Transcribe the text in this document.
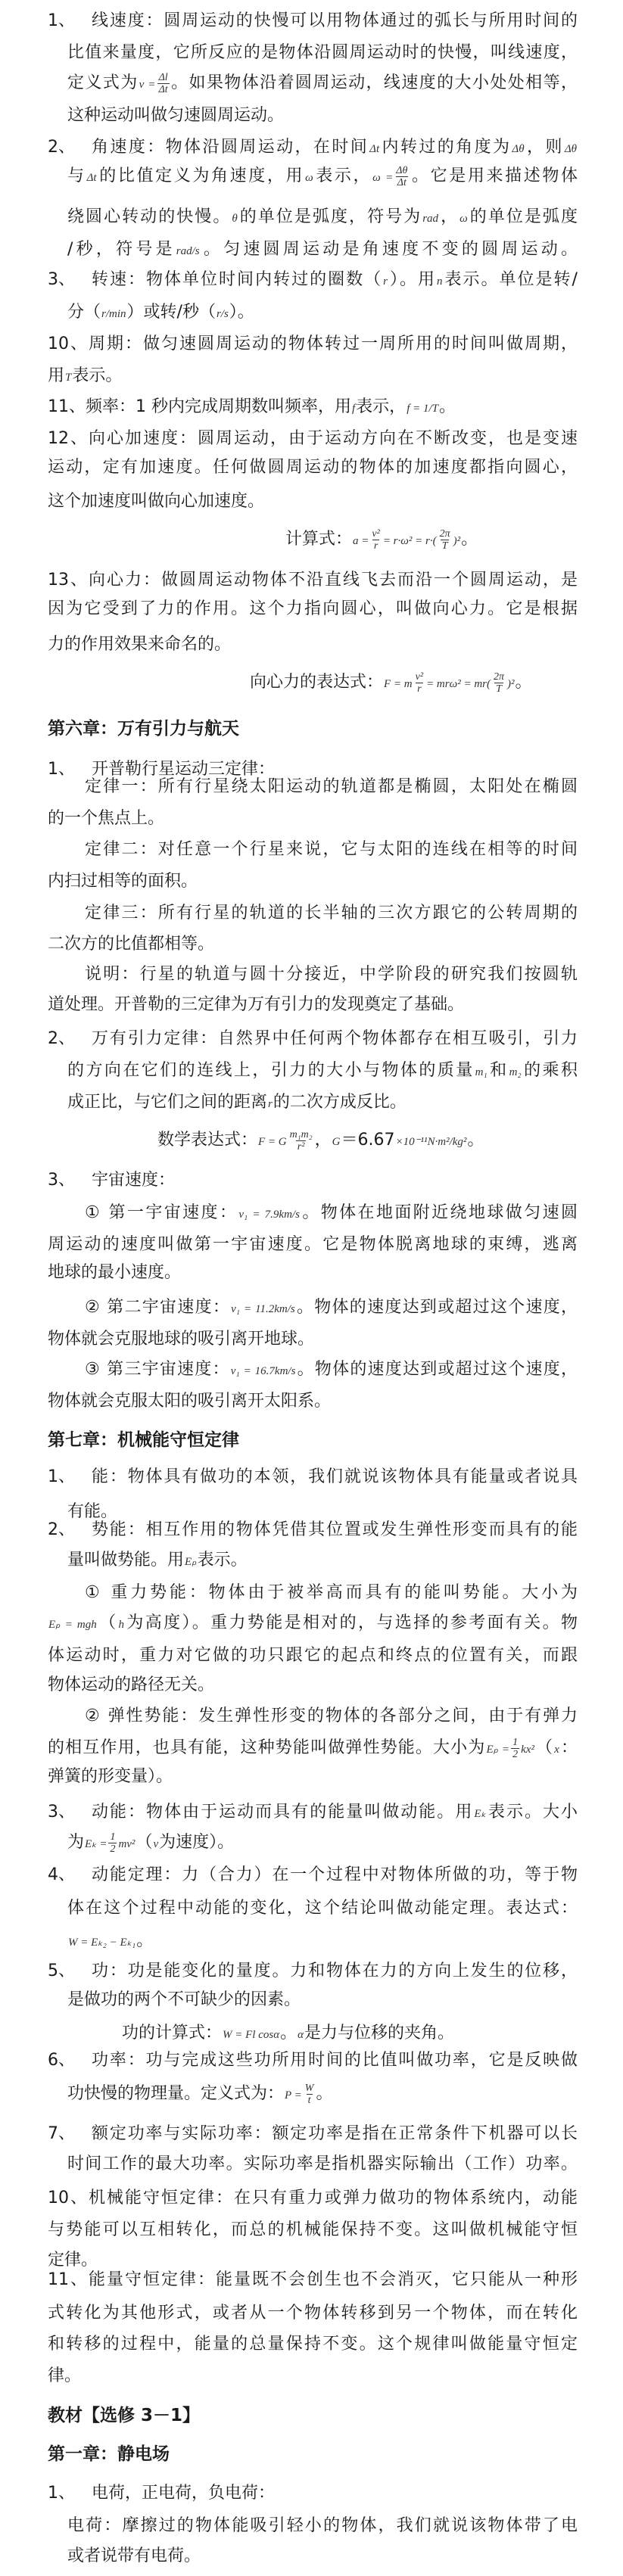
1、 线速度：圆周运动的快慢可以用物体通过的弧长与所用时间的
比值来量度，它所反应的是物体沿圆周运动时的快慢，叫线速度，
定义式为$v = \frac{\Delta l}{\Delta t}$ 。如果物体沿着圆周运动，线速度的大小处处相等，
这种运动叫做匀速圆周运动。
2、 角速度：物体沿圆周运动，在时间Δt内转过的角度为Δθ，则Δθ
与Δt的比值定义为角速度，用ω表示，$\omega = \frac{\Delta\theta}{\Delta t}$ 。它是用来描述物体
绕圆心转动的快慢。θ的单位是弧度，符号为rad，ω的单位是弧度
/秒，符号是rad/s。匀速圆周运动是角速度不变的圆周运动。
3、 转速：物体单位时间内转过的圈数（r）。用n表示。单位是转/
分（r/min）或转/秒（r/s）。
10、周期：做匀速圆周运动的物体转过一周所用的时间叫做周期，
用T表示。
11、频率：1 秒内完成周期数叫频率，用f表示，f = 1/T。
12、向心加速度：圆周运动，由于运动方向在不断改变，也是变速
运动，定有加速度。任何做圆周运动的物体的加速度都指向圆心，
这个加速度叫做向心加速度。
计算式：$a = \frac{\text{v²}}{r} = r\cdot\omega^2 = r\cdot( \frac{2\pi}{T} )^2$。
13、向心力：做圆周运动物体不沿直线飞去而沿一个圆周运动，是
因为它受到了力的作用。这个力指向圆心，叫做向心力。它是根据
力的作用效果来命名的。
向心力的表达式：F = m $\frac{\text{v²}}{r} = mr\omega^2 = mr( \frac{2\pi}{T} )^2$。
第六章：万有引力与航天
1、 开普勒行星运动三定律：
定律一：所有行星绕太阳运动的轨道都是椭圆，太阳处在椭圆
的一个焦点上。
定律二：对任意一个行星来说，它与太阳的连线在相等的时间
内扫过相等的面积。
定律三：所有行星的轨道的长半轴的三次方跟它的公转周期的
二次方的比值都相等。
说明：行星的轨道与圆十分接近，中学阶段的研究我们按圆轨
道处理。开普勒的三定律为万有引力的发现奠定了基础。
2、 万有引力定律：自然界中任何两个物体都存在相互吸引，引力
的方向在它们的连线上，引力的大小与物体的质量m₁和m₂的乘积
成正比，与它们之间的距离r的二次方成反比。
数学表达式：F = G $\frac{\text{m₁m₂}}{\text{r²}}$ ，G＝6.67×10⁻¹¹N·m²/kg²。
3、 宇宙速度：
① 第一宇宙速度：v₁ = 7.9km/s。物体在地面附近绕地球做匀速圆
周运动的速度叫做第一宇宙速度。它是物体脱离地球的束缚，逃离
地球的最小速度。
② 第二宇宙速度：v₁ = 11.2km/s。物体的速度达到或超过这个速度，
物体就会克服地球的吸引离开地球。
③ 第三宇宙速度：v₁ = 16.7km/s。物体的速度达到或超过这个速度，
物体就会克服太阳的吸引离开太阳系。
第七章：机械能守恒定律
1、 能：物体具有做功的本领，我们就说该物体具有能量或者说具
有能。
2、 势能：相互作用的物体凭借其位置或发生弹性形变而具有的能
量叫做势能。用Eₚ表示。
① 重力势能：物体由于被举高而具有的能叫势能。大小为
Eₚ = mgh（h为高度）。重力势能是相对的，与选择的参考面有关。物
体运动时，重力对它做的功只跟它的起点和终点的位置有关，而跟
物体运动的路径无关。
② 弹性势能：发生弹性形变的物体的各部分之间，由于有弹力
的相互作用，也具有能，这种势能叫做弹性势能。大小为$E_p = \frac{1}{2} kx^2(x$：
弹簧的形变量）。
3、 动能：物体由于运动而具有的能量叫做动能。用Eₖ表示。大小
为$E_k = \frac{1}{2} mv^2(v$为速度）。
4、 动能定理：力（合力）在一个过程中对物体所做的功，等于物
体在这个过程中动能的变化，这个结论叫做动能定理。表达式：
W = Eₖ₂ − Eₖ₁。
5、 功：功是能变化的量度。力和物体在力的方向上发生的位移，
是做功的两个不可缺少的因素。
功的计算式：W = Fl cosα。α是力与位移的夹角。
6、 功率：功与完成这些功所用时间的比值叫做功率，它是反映做
功快慢的物理量。定义式为：$P = \frac{W}{t}$ 。
7、 额定功率与实际功率：额定功率是指在正常条件下机器可以长
时间工作的最大功率。实际功率是指机器实际输出（工作）功率。
10、机械能守恒定律：在只有重力或弹力做功的物体系统内，动能
与势能可以互相转化，而总的机械能保持不变。这叫做机械能守恒
定律。
11、能量守恒定律：能量既不会创生也不会消灭，它只能从一种形
式转化为其他形式，或者从一个物体转移到另一个物体，而在转化
和转移的过程中，能量的总量保持不变。这个规律叫做能量守恒定
律。
教材【选修 3－1】
第一章：静电场
1、 电荷，正电荷，负电荷：
电荷：摩擦过的物体能吸引轻小的物体，我们就说该物体带了电
或者说带有电荷。
